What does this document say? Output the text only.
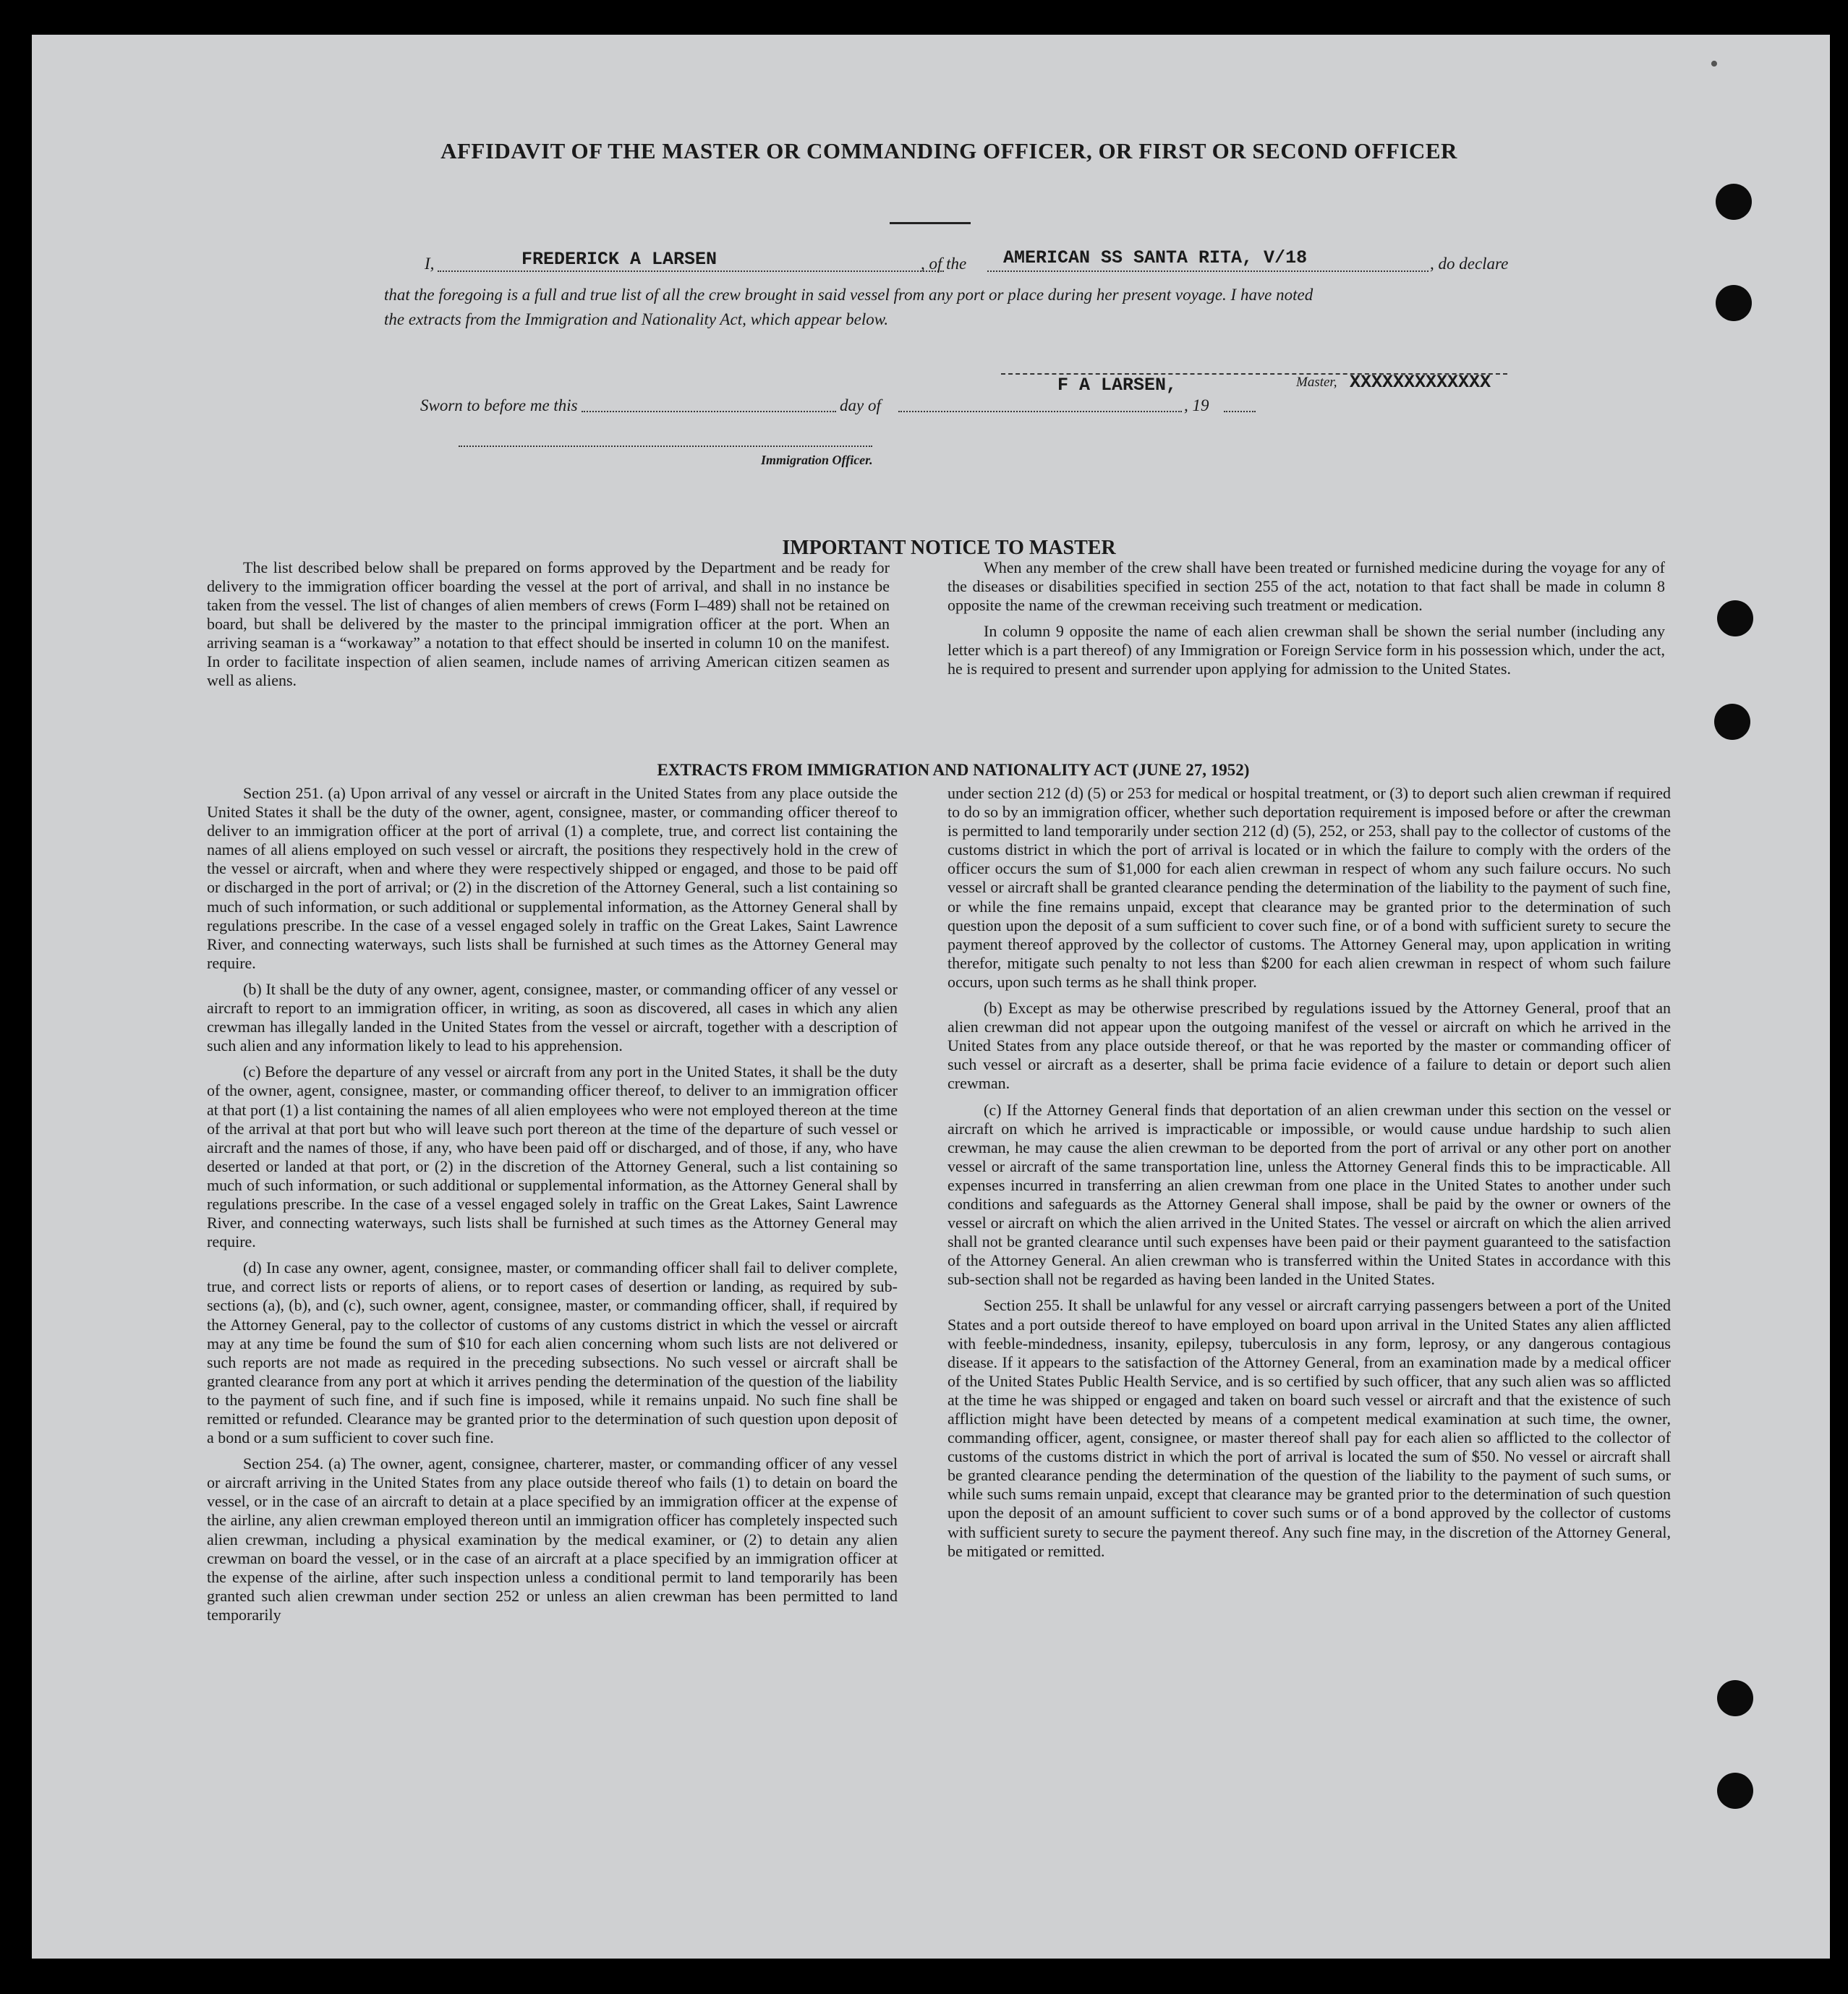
•
AFFIDAVIT OF THE MASTER OR COMMANDING OFFICER, OR FIRST OR SECOND OFFICER
I,	FREDERICK A LARSEN	, of the AMERICAN SS SANTA RITA, V/18	, do declare
that the foregoing is a full and true list of all the crew brought in said vessel from any port or place during her present voyage. I have noted
the extracts from the Immigration and Nationality Act, which appear below.
F A LARSEN,	Master, XXXXXXXXXXXXX
Sworn to before me this	day of	, 19
Immigration Officer.
IMPORTANT NOTICE TO MASTER

The list described below shall be prepared on forms approved by the Department and be ready for delivery to the immigration officer boarding the vessel at the port of arrival, and shall in no instance be taken from the vessel. The list of changes of alien members of crews (Form I–489) shall not be retained on board, but shall be delivered by the master to the principal immigration officer at the port. When an arriving seaman is a “workaway” a notation to that effect should be inserted in column 10 on the manifest. In order to facilitate inspection of alien seamen, include names of arriving American citizen seamen as well as aliens.

When any member of the crew shall have been treated or furnished medicine during the voyage for any of the diseases or disabilities specified in section 255 of the act, notation to that fact shall be made in column 8 opposite the name of the crewman receiving such treatment or medication.

In column 9 opposite the name of each alien crewman shall be shown the serial number (including any letter which is a part thereof) of any Immigration or Foreign Service form in his possession which, under the act, he is required to present and surrender upon applying for admission to the United States.

EXTRACTS FROM IMMIGRATION AND NATIONALITY ACT (JUNE 27, 1952)

Section 251. (a) Upon arrival of any vessel or aircraft in the United States from any place outside the United States it shall be the duty of the owner, agent, consignee, master, or commanding officer thereof to deliver to an immigration officer at the port of arrival (1) a complete, true, and correct list containing the names of all aliens employed on such vessel or aircraft, the positions they respectively hold in the crew of the vessel or aircraft, when and where they were respectively shipped or engaged, and those to be paid off or discharged in the port of arrival; or (2) in the discretion of the Attorney General, such a list containing so much of such information, or such additional or supplemental information, as the Attorney General shall by regulations prescribe. In the case of a vessel engaged solely in traffic on the Great Lakes, Saint Lawrence River, and connecting waterways, such lists shall be furnished at such times as the Attorney General may require.

(b) It shall be the duty of any owner, agent, consignee, master, or commanding officer of any vessel or aircraft to report to an immigration officer, in writing, as soon as discovered, all cases in which any alien crewman has illegally landed in the United States from the vessel or aircraft, together with a description of such alien and any information likely to lead to his apprehension.

(c) Before the departure of any vessel or aircraft from any port in the United States, it shall be the duty of the owner, agent, consignee, master, or commanding officer thereof, to deliver to an immigration officer at that port (1) a list containing the names of all alien employees who were not employed thereon at the time of the arrival at that port but who will leave such port thereon at the time of the departure of such vessel or aircraft and the names of those, if any, who have been paid off or discharged, and of those, if any, who have deserted or landed at that port, or (2) in the discretion of the Attorney General, such a list containing so much of such information, or such additional or supplemental information, as the Attorney General shall by regulations prescribe. In the case of a vessel engaged solely in traffic on the Great Lakes, Saint Lawrence River, and connecting waterways, such lists shall be furnished at such times as the Attorney General may require.

(d) In case any owner, agent, consignee, master, or commanding officer shall fail to deliver complete, true, and correct lists or reports of aliens, or to report cases of desertion or landing, as required by sub-sections (a), (b), and (c), such owner, agent, consignee, master, or commanding officer, shall, if required by the Attorney General, pay to the collector of customs of any customs district in which the vessel or aircraft may at any time be found the sum of $10 for each alien concerning whom such lists are not delivered or such reports are not made as required in the preceding subsections. No such vessel or aircraft shall be granted clearance from any port at which it arrives pending the determination of the question of the liability to the payment of such fine, and if such fine is imposed, while it remains unpaid. No such fine shall be remitted or refunded. Clearance may be granted prior to the determination of such question upon deposit of a bond or a sum sufficient to cover such fine.

Section 254. (a) The owner, agent, consignee, charterer, master, or commanding officer of any vessel or aircraft arriving in the United States from any place outside thereof who fails (1) to detain on board the vessel, or in the case of an aircraft to detain at a place specified by an immigration officer at the expense of the airline, any alien crewman employed thereon until an immigration officer has completely inspected such alien crewman, including a physical examination by the medical examiner, or (2) to detain any alien crewman on board the vessel, or in the case of an aircraft at a place specified by an immigration officer at the expense of the airline, after such inspection unless a conditional permit to land temporarily has been granted such alien crewman under section 252 or unless an alien crewman has been permitted to land temporarily

under section 212 (d) (5) or 253 for medical or hospital treatment, or (3) to deport such alien crewman if required to do so by an immigration officer, whether such deportation requirement is imposed before or after the crewman is permitted to land temporarily under section 212 (d) (5), 252, or 253, shall pay to the collector of customs of the customs district in which the port of arrival is located or in which the failure to comply with the orders of the officer occurs the sum of $1,000 for each alien crewman in respect of whom any such failure occurs. No such vessel or aircraft shall be granted clearance pending the determination of the liability to the payment of such fine, or while the fine remains unpaid, except that clearance may be granted prior to the determination of such question upon the deposit of a sum sufficient to cover such fine, or of a bond with sufficient surety to secure the payment thereof approved by the collector of customs. The Attorney General may, upon application in writing therefor, mitigate such penalty to not less than $200 for each alien crewman in respect of whom such failure occurs, upon such terms as he shall think proper.

(b) Except as may be otherwise prescribed by regulations issued by the Attorney General, proof that an alien crewman did not appear upon the outgoing manifest of the vessel or aircraft on which he arrived in the United States from any place outside thereof, or that he was reported by the master or commanding officer of such vessel or aircraft as a deserter, shall be prima facie evidence of a failure to detain or deport such alien crewman.

(c) If the Attorney General finds that deportation of an alien crewman under this section on the vessel or aircraft on which he arrived is impracticable or impossible, or would cause undue hardship to such alien crewman, he may cause the alien crewman to be deported from the port of arrival or any other port on another vessel or aircraft of the same transportation line, unless the Attorney General finds this to be impracticable. All expenses incurred in transferring an alien crewman from one place in the United States to another under such conditions and safeguards as the Attorney General shall impose, shall be paid by the owner or owners of the vessel or aircraft on which the alien arrived in the United States. The vessel or aircraft on which the alien arrived shall not be granted clearance until such expenses have been paid or their payment guaranteed to the satisfaction of the Attorney General. An alien crewman who is transferred within the United States in accordance with this sub-section shall not be regarded as having been landed in the United States.

Section 255. It shall be unlawful for any vessel or aircraft carrying passengers between a port of the United States and a port outside thereof to have employed on board upon arrival in the United States any alien afflicted with feeble-mindedness, insanity, epilepsy, tuberculosis in any form, leprosy, or any dangerous contagious disease. If it appears to the satisfaction of the Attorney General, from an examination made by a medical officer of the United States Public Health Service, and is so certified by such officer, that any such alien was so afflicted at the time he was shipped or engaged and taken on board such vessel or aircraft and that the existence of such affliction might have been detected by means of a competent medical examination at such time, the owner, commanding officer, agent, consignee, or master thereof shall pay for each alien so afflicted to the collector of customs of the customs district in which the port of arrival is located the sum of $50. No vessel or aircraft shall be granted clearance pending the determination of the question of the liability to the payment of such sums, or while such sums remain unpaid, except that clearance may be granted prior to the determination of such question upon the deposit of an amount sufficient to cover such sums or of a bond approved by the collector of customs with sufficient surety to secure the payment thereof. Any such fine may, in the discretion of the Attorney General, be mitigated or remitted.
